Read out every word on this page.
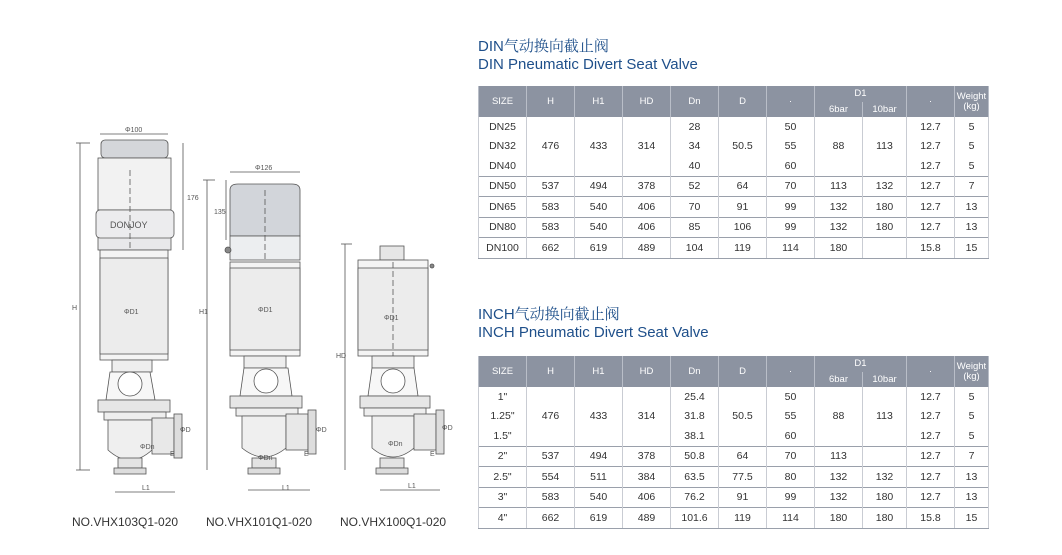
Φ100
Φ126
176
135
H
H1
HD
ΦD1	ΦD1
ΦD1
ΦDn
ΦDn
ΦDn
L1	L1	L1
ΦD	ΦD	ΦD
E	E	E
DONJOY
NO.VHX103Q1-020 NO.VHX101Q1-020 NO.VHX100Q1-020
DIN气动换向截止阀
DIN Pneumatic Divert Seat Valve
SIZE	H	H1	HD	Dn	D	·	D1		·	Weight
(kg)
							6bar	10bar		
DN25	476	433	314	28	50.5	50	88	113	12.7	5
DN32				34		55			12.7	5
DN40				40		60			12.7	5
DN50	537	494	378	52	64	70	113	132	12.7	7
DN65	583	540	406	70	91	99	132	180	12.7	13
DN80	583	540	406	85	106	99	132	180	12.7	13
DN100	662	619	489	104	119	114	180		15.8	15
INCH气动换向截止阀
INCH Pneumatic Divert Seat Valve
SIZE	H	H1	HD	Dn	D	·	D1		·	Weight
(kg)
							6bar	10bar		
1"	476	433	314	25.4	50.5	50	88	113	12.7	5
1.25"				31.8		55			12.7	5
1.5"				38.1		60			12.7	5
2"	537	494	378	50.8	64	70	113		12.7	7
2.5"	554	511	384	63.5	77.5	80	132	132	12.7	13
3"	583	540	406	76.2	91	99	132	180	12.7	13
4"	662	619	489	101.6	119	114	180	180	15.8	15
